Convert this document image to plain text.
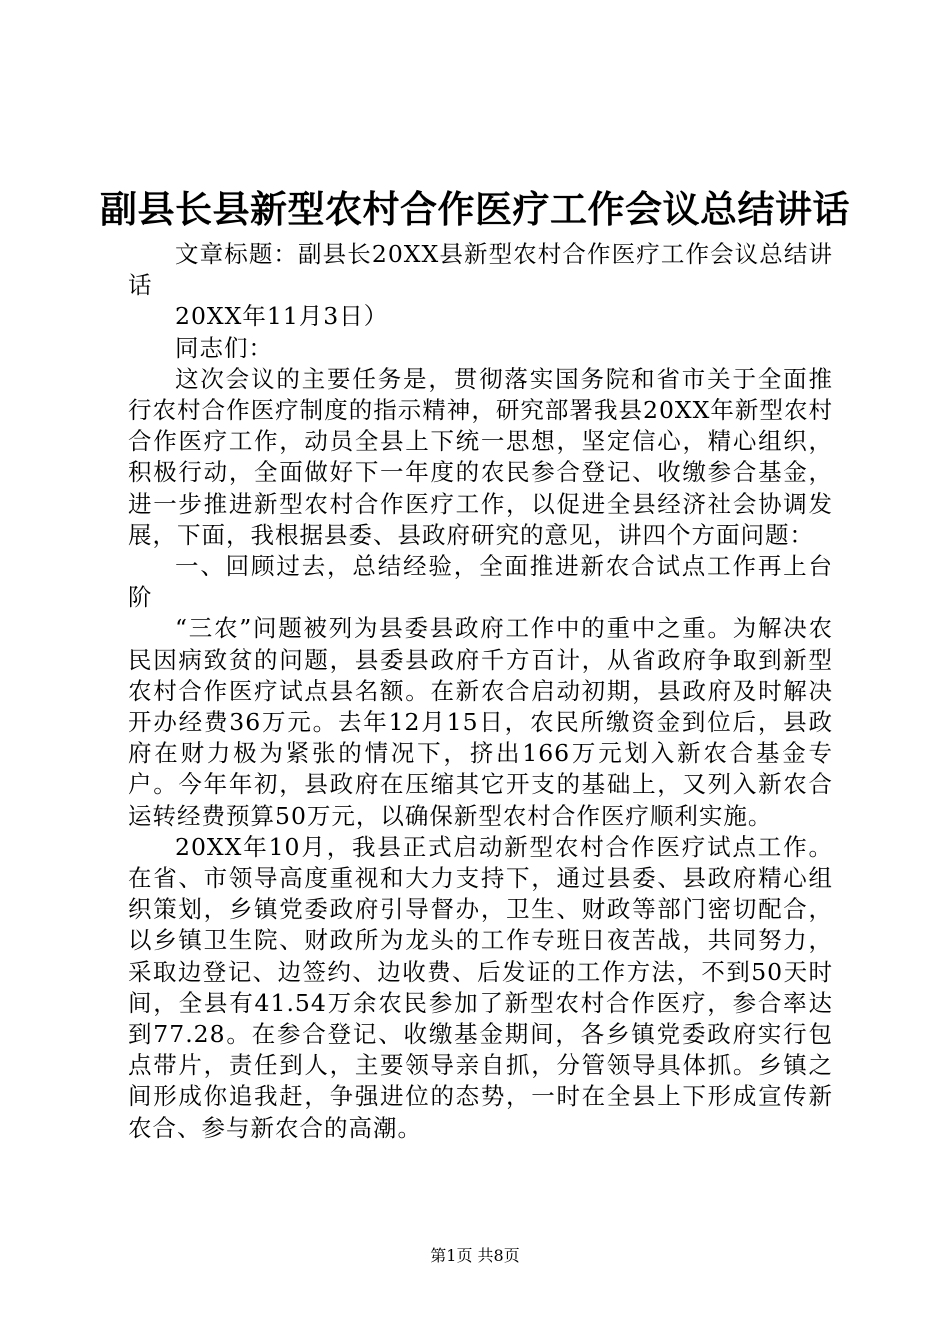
副县长县新型农村合作医疗工作会议总结讲话

文章标题：副县长20XX县新型农村合作医疗工作会议总结讲话

20XX年11月3日）

同志们：

这次会议的主要任务是，贯彻落实国务院和省市关于全面推行农村合作医疗制度的指示精神，研究部署我县20XX年新型农村合作医疗工作，动员全县上下统一思想，坚定信心，精心组织，积极行动，全面做好下一年度的农民参合登记、收缴参合基金，进一步推进新型农村合作医疗工作，以促进全县经济社会协调发展，下面，我根据县委、县政府研究的意见，讲四个方面问题：

一、回顾过去，总结经验，全面推进新农合试点工作再上台阶

“三农”问题被列为县委县政府工作中的重中之重。为解决农民因病致贫的问题，县委县政府千方百计，从省政府争取到新型农村合作医疗试点县名额。在新农合启动初期，县政府及时解决开办经费36万元。去年12月15日，农民所缴资金到位后，县政府在财力极为紧张的情况下，挤出166万元划入新农合基金专户。今年年初，县政府在压缩其它开支的基础上，又列入新农合运转经费预算50万元，以确保新型农村合作医疗顺利实施。

20XX年10月，我县正式启动新型农村合作医疗试点工作。在省、市领导高度重视和大力支持下，通过县委、县政府精心组织策划，乡镇党委政府引导督办，卫生、财政等部门密切配合，以乡镇卫生院、财政所为龙头的工作专班日夜苦战，共同努力，采取边登记、边签约、边收费、后发证的工作方法，不到50天时间，全县有41.54万余农民参加了新型农村合作医疗，参合率达到77.28。在参合登记、收缴基金期间，各乡镇党委政府实行包点带片，责任到人，主要领导亲自抓，分管领导具体抓。乡镇之间形成你追我赶，争强进位的态势，一时在全县上下形成宣传新农合、参与新农合的高潮。

第1页 共8页
